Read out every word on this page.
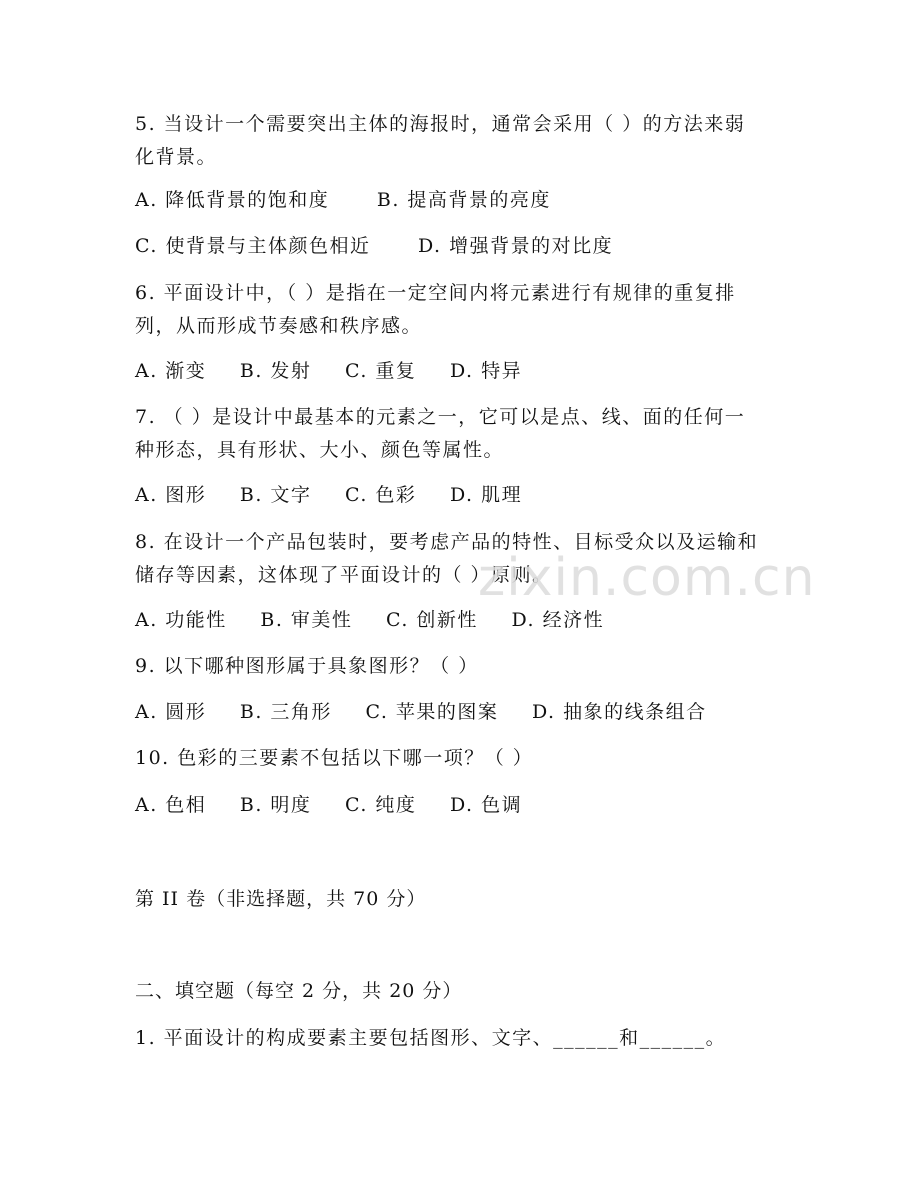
5. 当设计一个需要突出主体的海报时，通常会采用（ ）的方法来弱
化背景。
A. 降低背景的饱和度	B. 提高背景的亮度
C. 使背景与主体颜色相近	D. 增强背景的对比度
6. 平面设计中，（ ）是指在一定空间内将元素进行有规律的重复排
列，从而形成节奏感和秩序感。
A. 渐变 B. 发射 C. 重复 D. 特异
7. （ ）是设计中最基本的元素之一，它可以是点、线、面的任何一
种形态，具有形状、大小、颜色等属性。
A. 图形 B. 文字 C. 色彩 D. 肌理
8. 在设计一个产品包装时，要考虑产品的特性、目标受众以及运输和
储存等因素，这体现了平面设计的（ ）原则。
A. 功能性 B. 审美性 C. 创新性 D. 经济性
9. 以下哪种图形属于具象图形？（ ）
A. 圆形 B. 三角形 C. 苹果的图案 D. 抽象的线条组合
10. 色彩的三要素不包括以下哪一项？（ ）
A. 色相 B. 明度 C. 纯度 D. 色调
第 II 卷（非选择题，共 70 分）
二、填空题（每空 2 分，共 20 分）
1. 平面设计的构成要素主要包括图形、文字、______和______。
zixin.com.cn
